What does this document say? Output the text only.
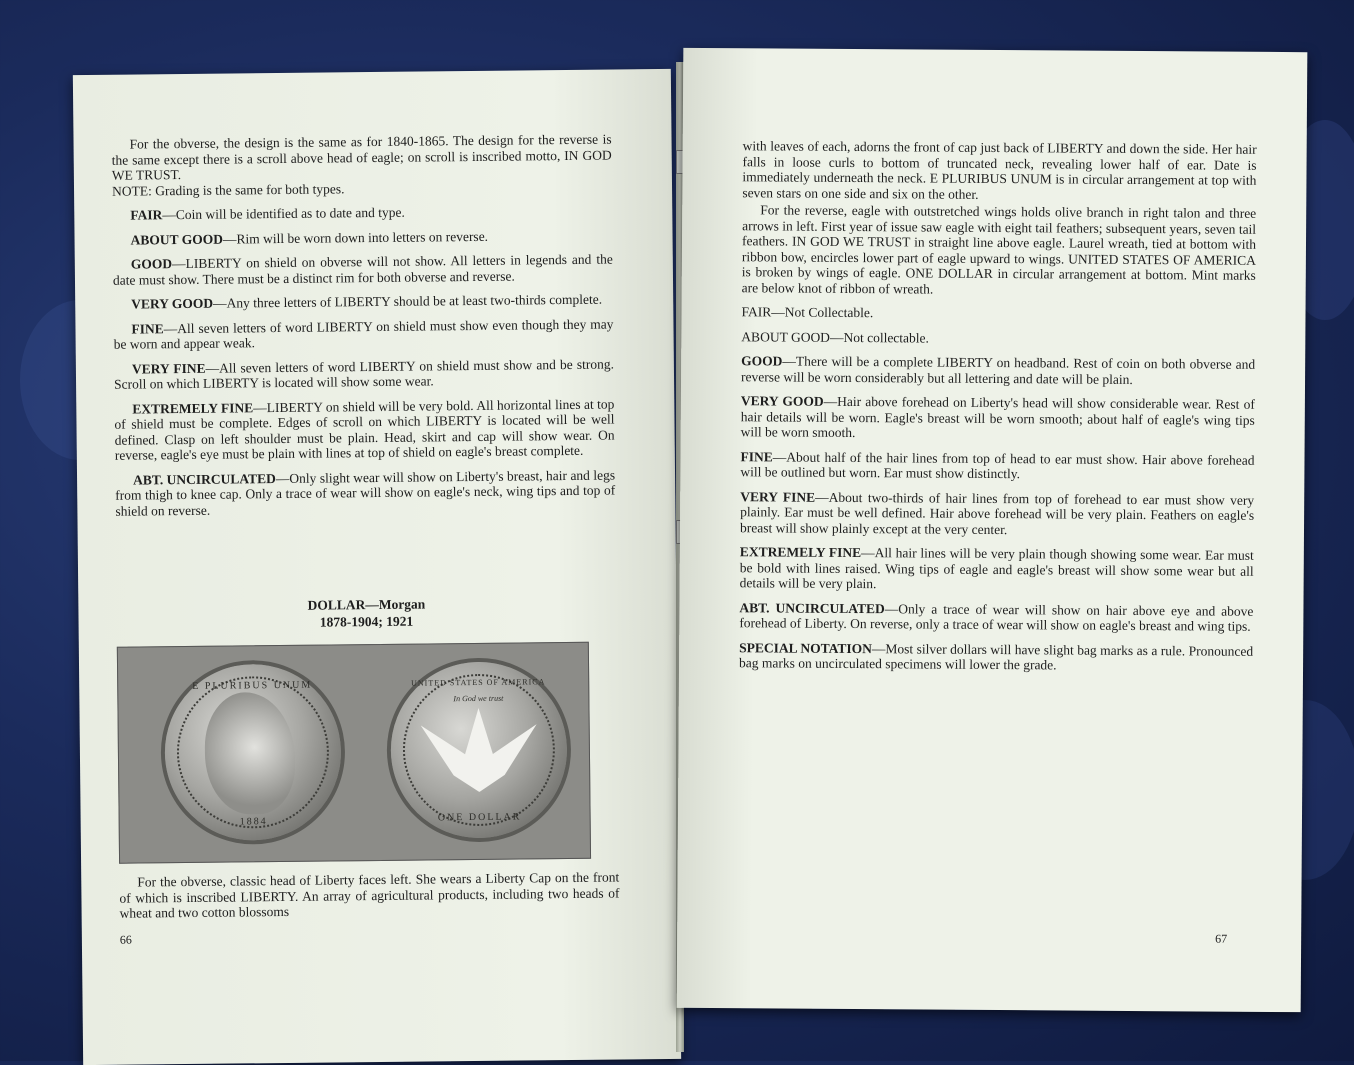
For the obverse, the design is the same as for 1840-1865. The design for the reverse is the same except there is a scroll above head of eagle; on scroll is inscribed motto, IN GOD WE TRUST.

NOTE: Grading is the same for both types.

FAIR—Coin will be identified as to date and type.

ABOUT GOOD—Rim will be worn down into letters on reverse.

GOOD—LIBERTY on shield on obverse will not show. All letters in legends and the date must show. There must be a distinct rim for both obverse and reverse.

VERY GOOD—Any three letters of LIBERTY should be at least two-thirds complete.

FINE—All seven letters of word LIBERTY on shield must show even though they may be worn and appear weak.

VERY FINE—All seven letters of word LIBERTY on shield must show and be strong. Scroll on which LIBERTY is located will show some wear.

EXTREMELY FINE—LIBERTY on shield will be very bold. All horizontal lines at top of shield must be complete. Edges of scroll on which LIBERTY is located will be well defined. Clasp on left shoulder must be plain. Head, skirt and cap will show wear. On reverse, eagle's eye must be plain with lines at top of shield on eagle's breast complete.

ABT. UNCIRCULATED—Only slight wear will show on Liberty's breast, hair and legs from thigh to knee cap. Only a trace of wear will show on eagle's neck, wing tips and top of shield on reverse.

DOLLAR—Morgan
1878-1904; 1921
E PLURIBUS UNUM
1884
UNITED STATES OF AMERICA
In God we trust
ONE DOLLAR

For the obverse, classic head of Liberty faces left. She wears a Liberty Cap on the front of which is inscribed LIBERTY. An array of agricultural products, including two heads of wheat and two cotton blossoms

66

with leaves of each, adorns the front of cap just back of LIBERTY and down the side. Her hair falls in loose curls to bottom of truncated neck, revealing lower half of ear. Date is immediately underneath the neck. E PLURIBUS UNUM is in circular arrangement at top with seven stars on one side and six on the other.

For the reverse, eagle with outstretched wings holds olive branch in right talon and three arrows in left. First year of issue saw eagle with eight tail feathers; subsequent years, seven tail feathers. IN GOD WE TRUST in straight line above eagle. Laurel wreath, tied at bottom with ribbon bow, encircles lower part of eagle upward to wings. UNITED STATES OF AMERICA is broken by wings of eagle. ONE DOLLAR in circular arrangement at bottom. Mint marks are below knot of ribbon of wreath.

FAIR—Not Collectable.

ABOUT GOOD—Not collectable.

GOOD—There will be a complete LIBERTY on headband. Rest of coin on both obverse and reverse will be worn considerably but all lettering and date will be plain.

VERY GOOD—Hair above forehead on Liberty's head will show considerable wear. Rest of hair details will be worn. Eagle's breast will be worn smooth; about half of eagle's wing tips will be worn smooth.

FINE—About half of the hair lines from top of head to ear must show. Hair above forehead will be outlined but worn. Ear must show distinctly.

VERY FINE—About two-thirds of hair lines from top of forehead to ear must show very plainly. Ear must be well defined. Hair above forehead will be very plain. Feathers on eagle's breast will show plainly except at the very center.

EXTREMELY FINE—All hair lines will be very plain though showing some wear. Ear must be bold with lines raised. Wing tips of eagle and eagle's breast will show some wear but all details will be very plain.

ABT. UNCIRCULATED—Only a trace of wear will show on hair above eye and above forehead of Liberty. On reverse, only a trace of wear will show on eagle's breast and wing tips.

SPECIAL NOTATION—Most silver dollars will have slight bag marks as a rule. Pronounced bag marks on uncirculated specimens will lower the grade.

67
